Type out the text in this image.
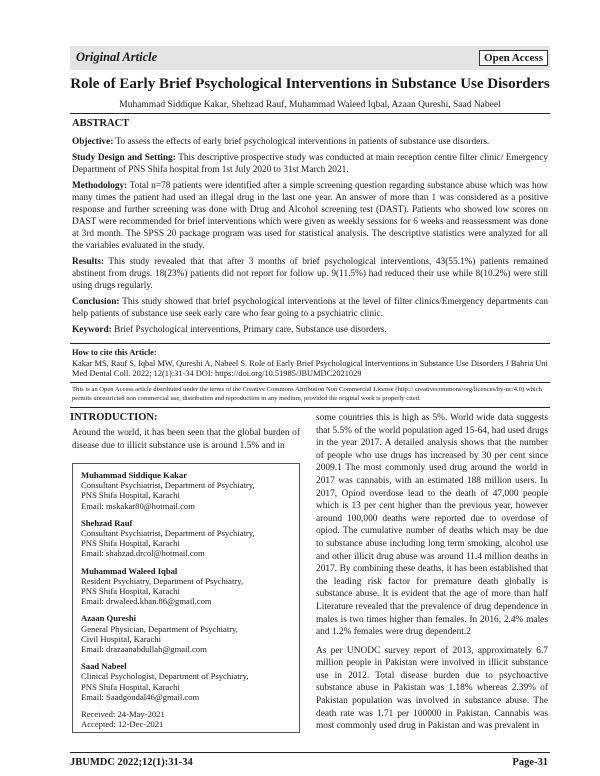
Original Article	Open Access
Role of Early Brief Psychological Interventions in Substance Use Disorders
Muhammad Siddique Kakar, Shehzad Rauf, Muhammad Waleed Iqbal, Azaan Qureshi, Saad Nabeel
ABSTRACT

Objective: To assess the effects of early brief psychological interventions in patients of substance use disorders.

Study Design and Setting: This descriptive prospective study was conducted at main reception centre filter clinic/ Emergency Department of PNS Shifa hospital from 1st July 2020 to 31st March 2021.

Methodology: Total n=78 patients were identified after a simple screening question regarding substance abuse which was how many times the patient had used an illegal drug in the last one year. An answer of more than 1 was considered as a positive response and further screening was done with Drug and Alcohol screening test (DAST). Patients who showed low scores on DAST were recommended for brief interventions which were given as weekly sessions for 6 weeks and reassessment was done at 3rd month. The SPSS 20 package program was used for statistical analysis. The descriptive statistics were analyzed for all the variables evaluated in the study.

Results: This study revealed that that after 3 months of brief psychological interventions, 43(55.1%) patients remained abstinent from drugs. 18(23%) patients did not report for follow up. 9(11.5%) had reduced their use while 8(10.2%) were still using drugs regularly.

Conclusion: This study showed that brief psychological interventions at the level of filter clinics/Emergency departments can help patients of substance use seek early care who fear going to a psychiatric clinic.

Keyword: Brief Psychological interventions, Primary care, Substance use disorders.

How to cite this Article:
Kakar MS, Rauf S, Iqbal MW, Qureshi A, Nabeel S. Role of Early Brief Psychological Interventions in Substance Use Disorders J Bahria Uni Med Dental Coll. 2022; 12(1):31-34 DOI: https://doi.org/10.51985/JBUMDC2021029
This is an Open Access article distributed under the terms of the Creative Commons Attribution Non Commercial License (http:// creativecommons/org/licences/by-nc/4.0) which permits unrestricted non commercial use, distribution and reproduction in any medium, provided the original work is properly cited.
INTRODUCTION:
Around the world, it has been seen that the global burden of disease due to illicit substance use is around 1.5% and in
Muhammad Siddique Kakar
Consultant Psychiatrist, Department of Psychiatry,
PNS Shifa Hospital, Karachi
Email: mskakar80@hotmail.com
Shehzad Rauf
Consultant Psychiatrist, Department of Psychiatry,
PNS Shifa Hospital, Karachi
Email: shahzad.drcol@hotmail.com
Muhammad Waleed Iqbal
Resident Psychiatry, Department of Psychiatry,
PNS Shifa Hospital, Karachi
Email: drwaleed.khan.86@gmail.com
Azaan Qureshi
General Physician, Department of Psychiatry,
Civil Hospital, Karachi
Email: drazaanabdullah@gmail.com
Saad Nabeel
Clinical Psychologist, Department of Psychiatry,
PNS Shifa Hospital, Karachi
Email: Saadgondal46@gmail.com
Received: 24-May-2021
Accepted: 12-Dec-2021

some countries this is high as 5%. World wide data suggests that 5.5% of the world population aged 15-64, had used drugs in the year 2017. A detailed analysis shows that the number of people who use drugs has increased by 30 per cent since 2009.1 The most commonly used drug around the world in 2017 was cannabis, with an estimated 188 million users. In 2017, Opiod overdose lead to the death of 47,000 people which is 13 per cent higher than the previous year, however around 100,000 deaths were reported due to overdose of opiod. The cumulative number of deaths which may be due to substance abuse including long term smoking, alcohol use and other illicit drug abuse was around 11.4 million deaths in 2017. By combining these deaths, it has been established that the leading risk factor for premature death globally is substance abuse. It is evident that the age of more than half Literature revealed that the prevalence of drug dependence in males is two times higher than females. In 2016, 2.4% males and 1.2% females were drug dependent.2

As per UNODC survey report of 2013, approximately 6.7 million people in Pakistan were involved in illicit substance use in 2012. Total disease burden due to psychoactive substance abuse in Pakistan was 1.18% whereas 2.39% of Pakistan population was involved in substance abuse. The death rate was 1.71 per 100000 in Pakistan. Cannabis was most commonly used drug in Pakistan and was prevalent in

JBUMDC 2022;12(1):31-34	Page-31
